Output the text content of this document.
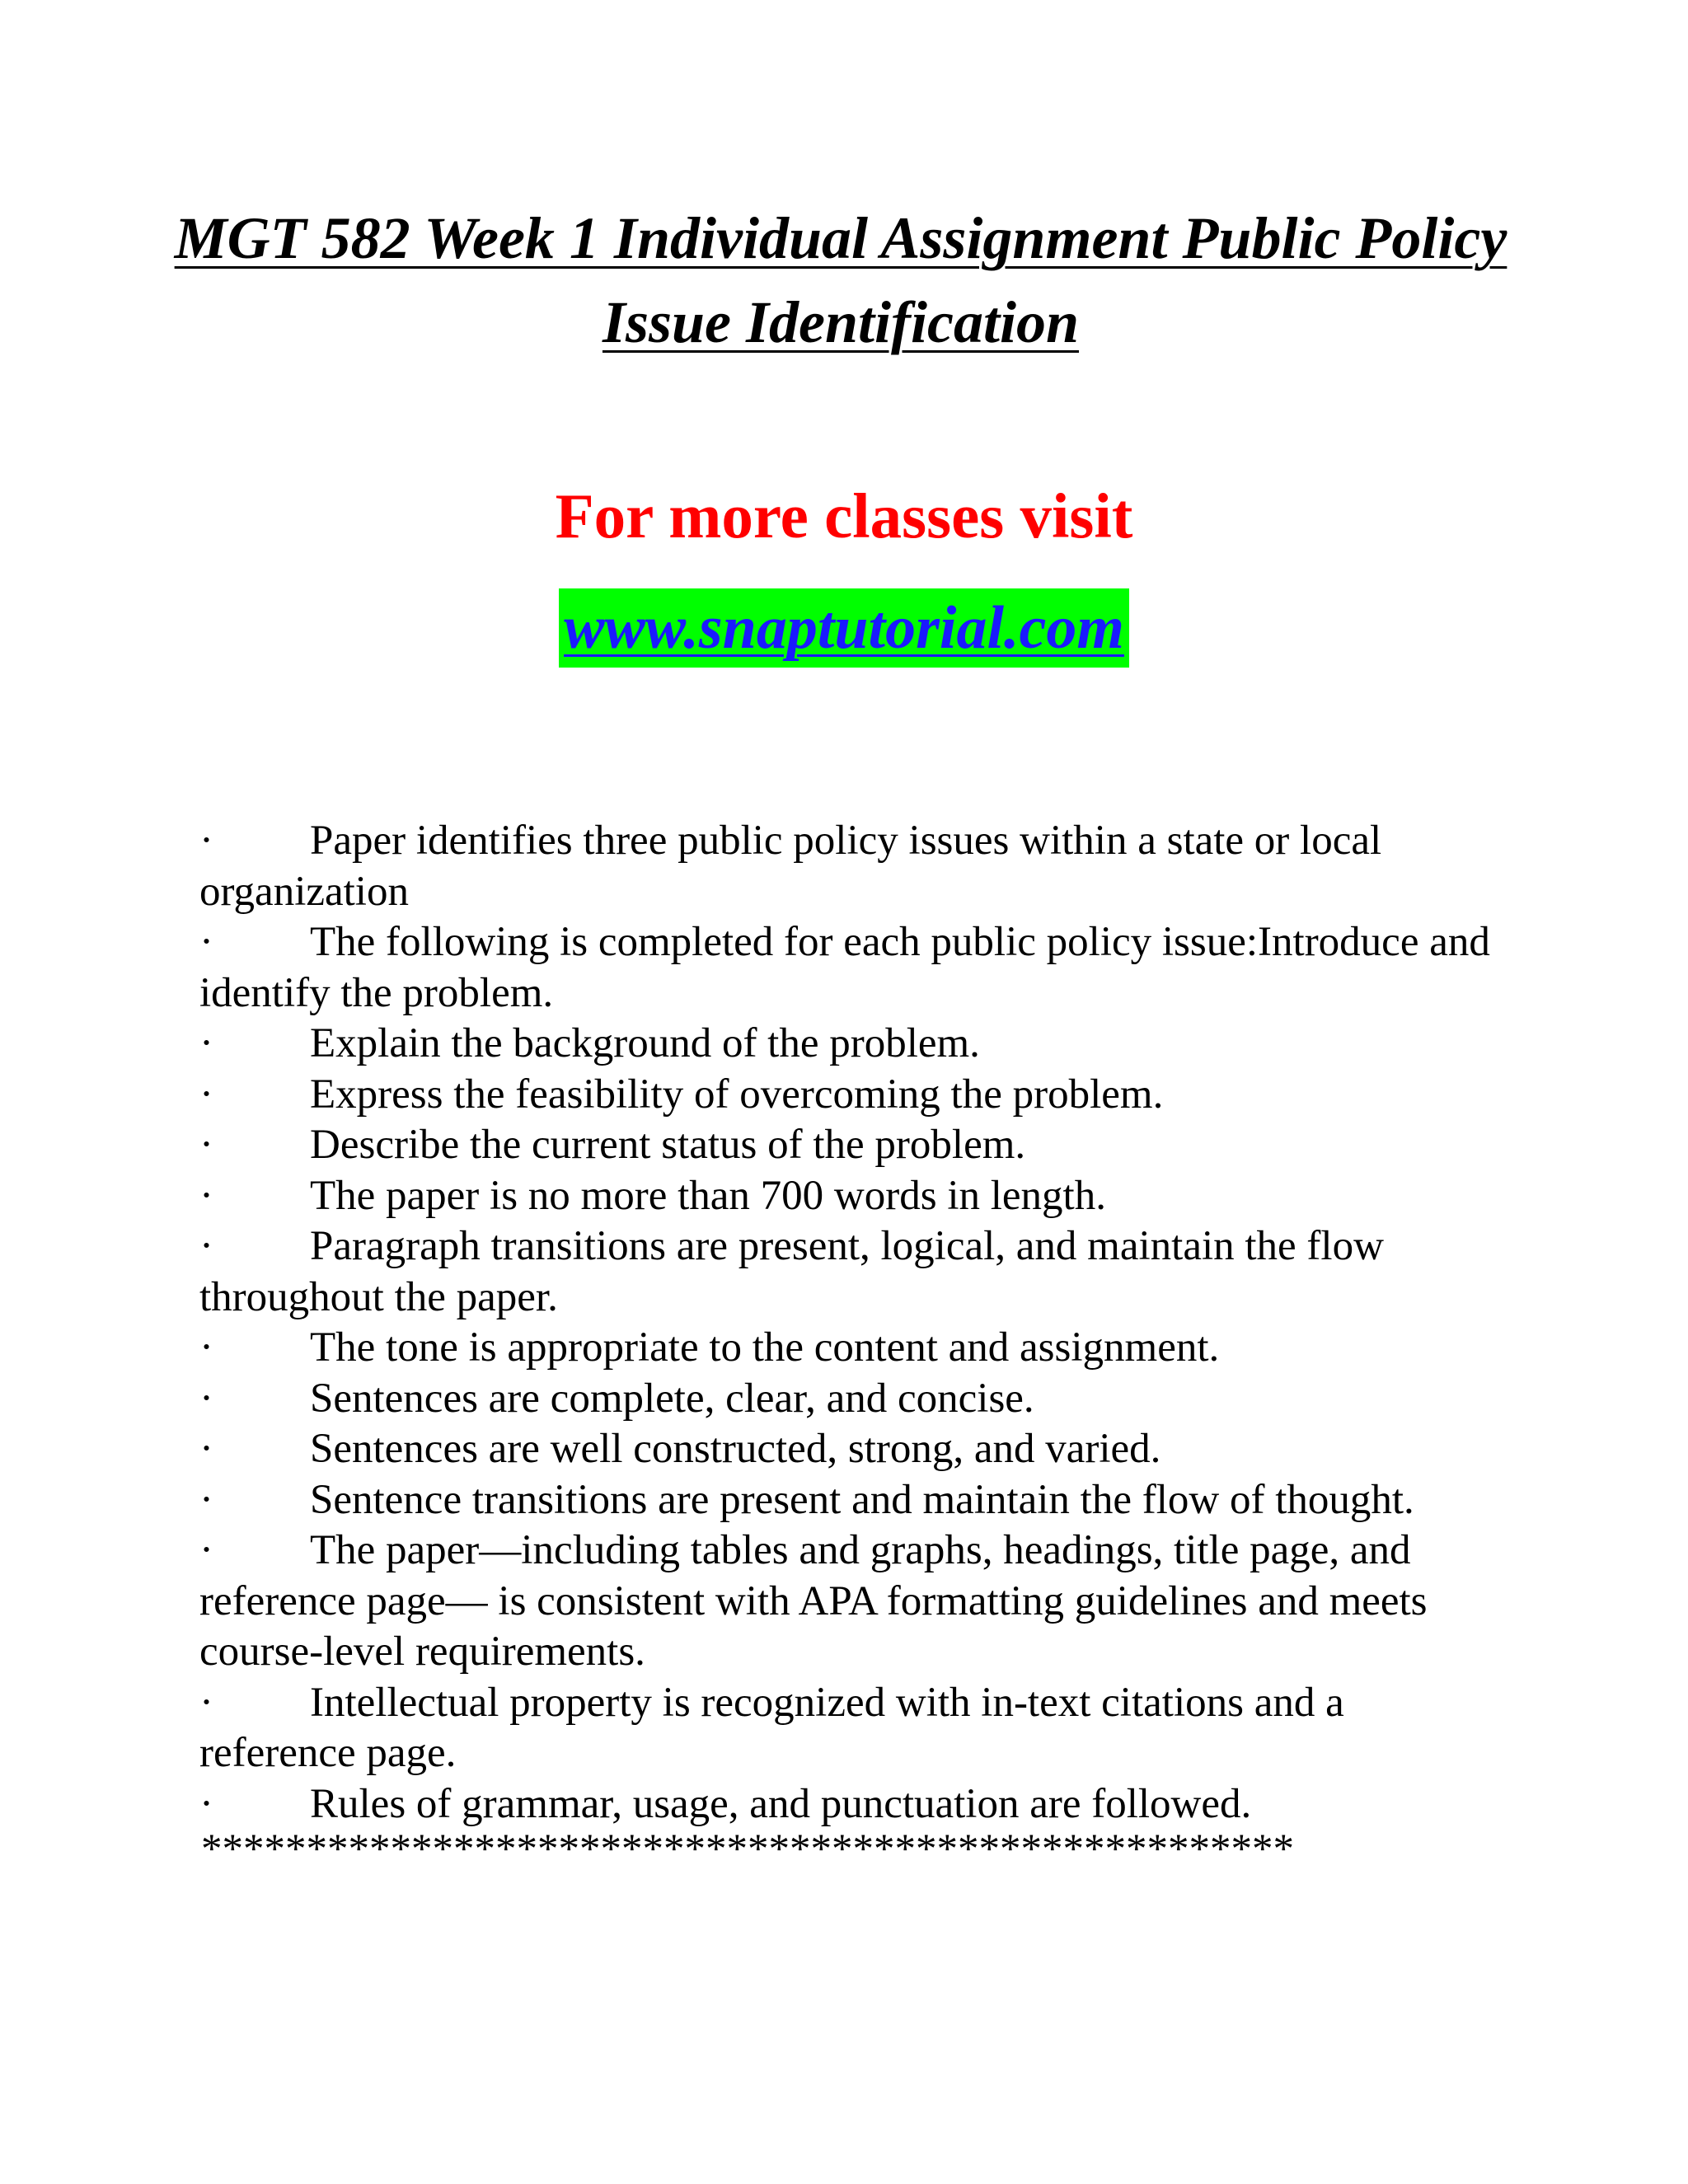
MGT 582 Week 1 Individual Assignment Public Policy Issue Identification
For more classes visit
www.snaptutorial.com
· Paper identifies three public policy issues within a state or local organization
· The following is completed for each public policy issue:Introduce and identify the problem.
· Explain the background of the problem.
· Express the feasibility of overcoming the problem.
· Describe the current status of the problem.
· The paper is no more than 700 words in length.
· Paragraph transitions are present, logical, and maintain the flow throughout the paper.
· The tone is appropriate to the content and assignment.
· Sentences are complete, clear, and concise.
· Sentences are well constructed, strong, and varied.
· Sentence transitions are present and maintain the flow of thought.
· The paper—including tables and graphs, headings, title page, and reference page— is consistent with APA formatting guidelines and meets course-level requirements.
· Intellectual property is recognized with in-text citations and a reference page.
· Rules of grammar, usage, and punctuation are followed.
****************************************************
